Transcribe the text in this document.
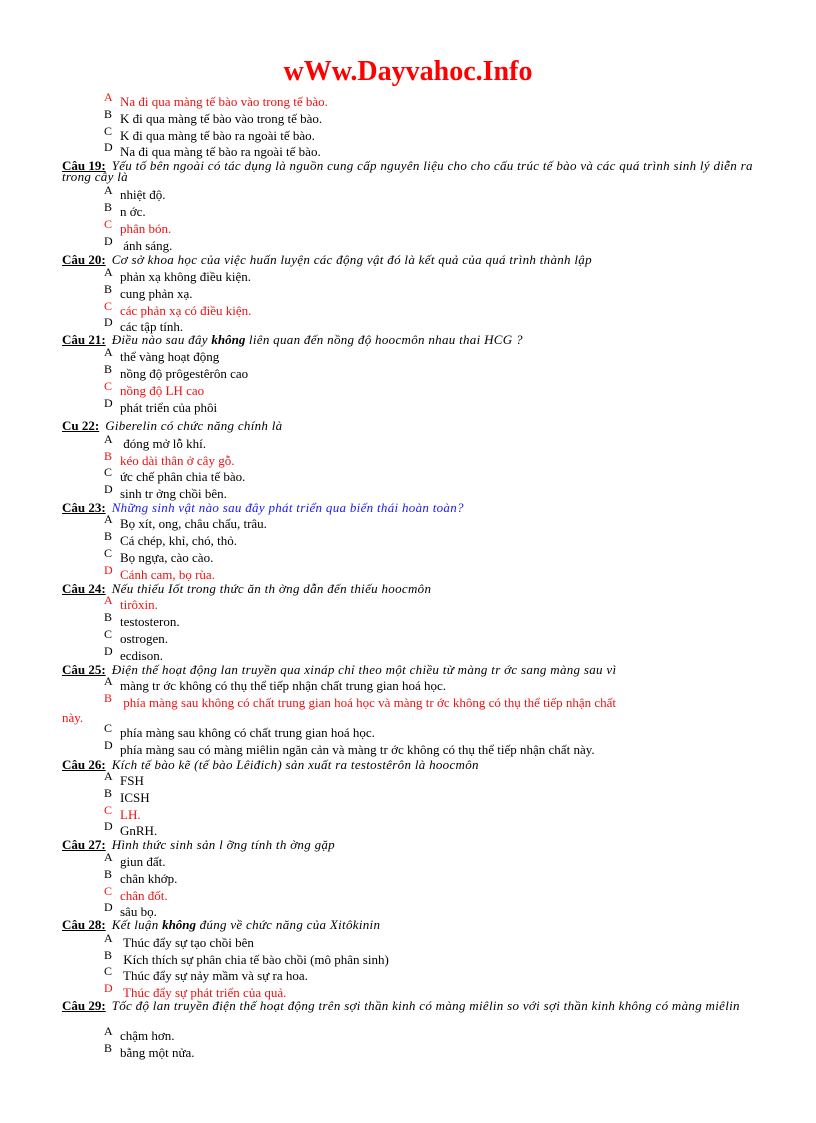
wWw.Dayvahoc.Info
A Na đi qua màng tế bào vào trong tế bào.
B K đi qua màng tế bào vào trong tế bào.
C K đi qua màng tế bào ra ngoài tế bào.
D Na đi qua màng tế bào ra ngoài tế bào.
Câu 19: Yếu tố bên ngoài có tác dụng là nguồn cung cấp nguyên liệu cho cho cấu trúc tế bào và các quá trình sinh lý diễn ra trong cây là
A nhiệt độ.
B n ớc.
C phân bón.
D ánh sáng.
Câu 20: Cơ sở khoa học của việc huấn luyện các động vật đó là kết quả của quá trình thành lập
A phản xạ không điều kiện.
B cung phản xạ.
C các phản xạ có điều kiện.
D các tập tính.
Câu 21: Điều nào sau đây không liên quan đến nồng độ hoocmôn nhau thai HCG ?
A thể vàng hoạt động
B nồng độ prôgestêrôn cao
C nồng độ LH cao
D phát triển của phôi
Cu 22: Giberelin có chức năng chính là
A đóng mở lỗ khí.
B kéo dài thân ở cây gỗ.
C ức chế phân chia tế bào.
D sinh tr ởng chồi bên.
Câu 23: Những sinh vật nào sau đây phát triển qua biến thái hoàn toàn?
A Bọ xít, ong, châu chấu, trâu.
B Cá chép, khỉ, chó, thỏ.
C Bọ ngựa, cào cào.
D Cánh cam, bọ rùa.
Câu 24: Nếu thiếu Iốt trong thức ăn th ờng dẫn đến thiếu hoocmôn
A tirôxin.
B testosteron.
C ostrogen.
D ecdison.
Câu 25: Điện thế hoạt động lan truyền qua xináp chỉ theo một chiều từ màng tr ớc sang màng sau vì
A màng tr ớc không có thụ thể tiếp nhận chất trung gian hoá học.
B phía màng sau không có chất trung gian hoá học và màng tr ớc không có thụ thể tiếp nhận chất
này.
C phía màng sau không có chất trung gian hoá học.
D phía màng sau có màng miêlin ngăn cản và màng tr ớc không có thụ thể tiếp nhận chất này.
Câu 26: Kích tế bào kẽ (tế bào Lêiđich) sản xuất ra testostêrôn là hoocmôn
A FSH
B ICSH
C LH.
D GnRH.
Câu 27: Hình thức sinh sản l ỡng tính th ờng gặp
A giun đất.
B chân khớp.
C chân đốt.
D sâu bọ.
Câu 28: Kết luận không đúng về chức năng của Xitôkinin
A Thúc đẩy sự tạo chồi bên
B Kích thích sự phân chia tế bào chồi (mô phân sinh)
C Thúc đẩy sự nảy mầm và sự ra hoa.
D Thúc đẩy sự phát triển của quả.
Câu 29: Tốc độ lan truyền điện thế hoạt động trên sợi thần kinh có màng miêlin so với sợi thần kinh không có màng miêlin
A chậm hơn.
B bằng một nửa.
